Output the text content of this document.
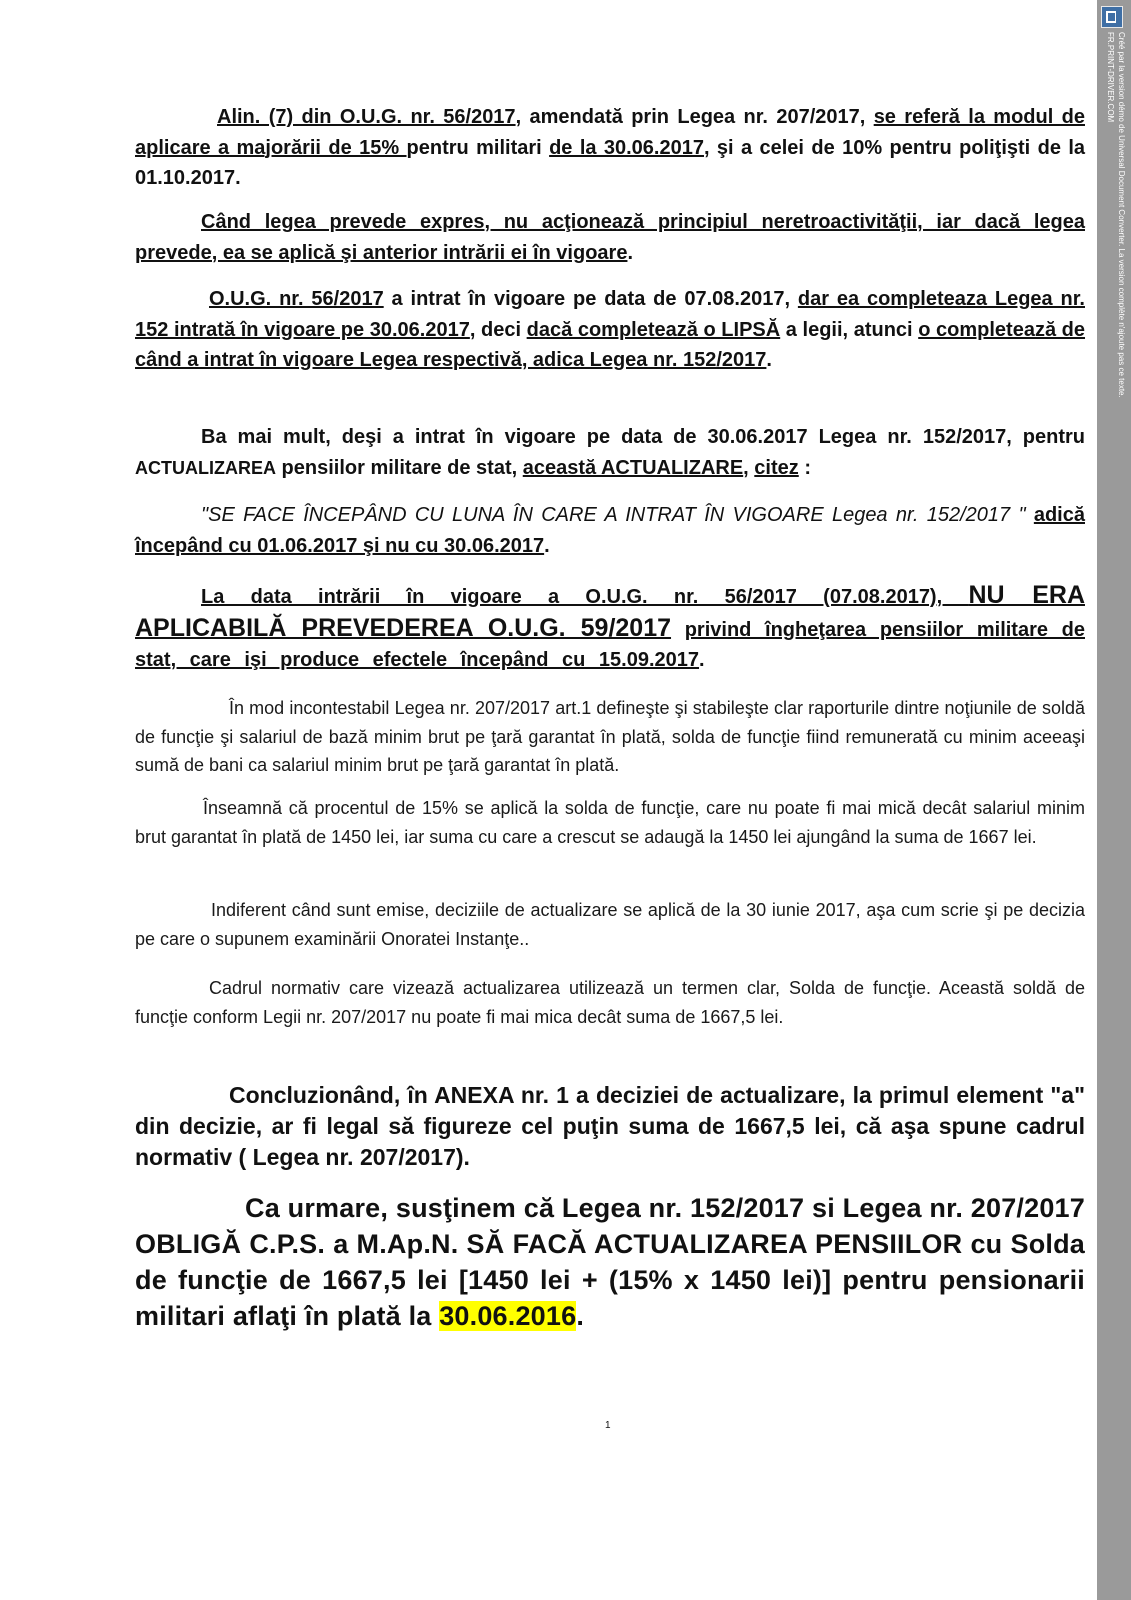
Créé par la version démo de Universal Document Converter. La version complète n'ajoute pas ce texte.
FR.PRINT-DRIVER.COM

Alin. (7) din O.U.G. nr. 56/2017, amendată prin Legea nr. 207/2017, se referă la modul de aplicare a majorării de 15% pentru militari de la 30.06.2017, şi a celei de 10% pentru poliţişti de la 01.10.2017.

Când legea prevede expres, nu acţionează principiul neretroactivităţii, iar dacă legea prevede, ea se aplică şi anterior intrării ei în vigoare.

O.U.G. nr. 56/2017 a intrat în vigoare pe data de 07.08.2017, dar ea completeaza Legea nr. 152 intrată în vigoare pe 30.06.2017, deci dacă completează o LIPSĂ a legii, atunci o completează de când a intrat în vigoare Legea respectivă, adica Legea nr. 152/2017.

Ba mai mult, deşi a intrat în vigoare pe data de 30.06.2017 Legea nr. 152/2017, pentru ACTUALIZAREA pensiilor militare de stat, această ACTUALIZARE, citez :

"SE FACE ÎNCEPÂND CU LUNA ÎN CARE A INTRAT ÎN VIGOARE Legea nr. 152/2017 " adică începând cu 01.06.2017 şi nu cu 30.06.2017.

La data intrării în vigoare a O.U.G. nr. 56/2017 (07.08.2017), NU ERA APLICABILĂ PREVEDEREA O.U.G. 59/2017 privind îngheţarea pensiilor militare de stat, care işi produce efectele începând cu 15.09.2017.

În mod incontestabil Legea nr. 207/2017 art.1 defineşte şi stabileşte clar raporturile dintre noţiunile de soldă de funcţie şi salariul de bază minim brut pe ţară garantat în plată, solda de funcţie fiind remunerată cu minim aceeaşi sumă de bani ca salariul minim brut pe ţară garantat în plată.

Înseamnă că procentul de 15% se aplică la solda de funcţie, care nu poate fi mai mică decât salariul minim brut garantat în plată de 1450 lei, iar suma cu care a crescut se adaugă la 1450 lei ajungând la suma de 1667 lei.

Indiferent când sunt emise, deciziile de actualizare se aplică de la 30 iunie 2017, aşa cum scrie şi pe decizia pe care o supunem examinării Onoratei Instanţe..

Cadrul normativ care vizează actualizarea utilizează un termen clar, Solda de funcţie. Această soldă de funcţie conform Legii nr. 207/2017 nu poate fi mai mica decât suma de 1667,5 lei.

Concluzionând, în ANEXA nr. 1 a deciziei de actualizare, la primul element "a" din decizie, ar fi legal să figureze cel puţin suma de 1667,5 lei, că aşa spune cadrul normativ ( Legea nr. 207/2017).

Ca urmare, susţinem că Legea nr. 152/2017 si Legea nr. 207/2017 OBLIGĂ C.P.S. a M.Ap.N. SĂ FACĂ ACTUALIZAREA PENSIILOR cu Solda de funcţie de 1667,5 lei [1450 lei + (15% x 1450 lei)] pentru pensionarii militari aflaţi în plată la 30.06.2016.

1
